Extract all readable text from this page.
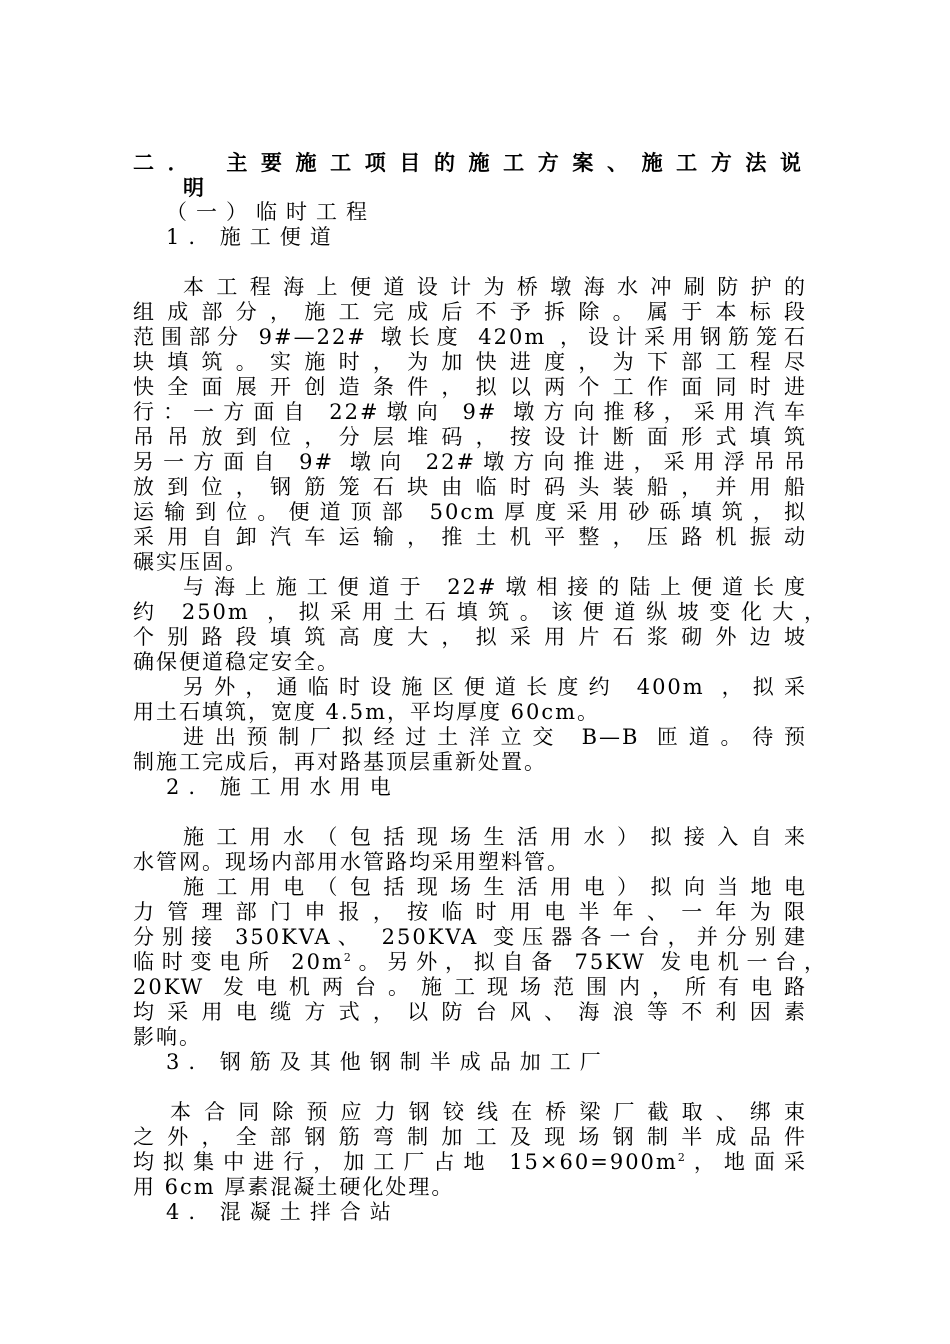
二．　主要施工项目的施工方案、施工方法说
明
（一）临时工程
1. 施工便道
本工程海上便道设计为桥墩海水冲刷防护的
组成部分，施工完成后不予拆除。属于本标段
范围部分 9#—22# 墩长度 420m ，设计采用钢筋笼石
块填筑。实施时，为加快进度，为下部工程尽
快全面展开创造条件，拟以两个工作面同时进
行：一方面自 22#墩向 9# 墩方向推移，采用汽车
吊吊放到位，分层堆码，按设计断面形式填筑
另一方面自 9# 墩向 22#墩方向推进，采用浮吊吊
放到位，钢筋笼石块由临时码头装船，并用船
运输到位。便道顶部 50cm厚度采用砂砾填筑，拟
采用自卸汽车运输，推土机平整，压路机振动
碾实压固。
与海上施工便道于 22#墩相接的陆上便道长度
约 250m ，拟采用土石填筑。该便道纵坡变化大，
个别路段填筑高度大，拟采用片石浆砌外边坡
确保便道稳定安全。
另外，通临时设施区便道长度约 400m ，拟采
用土石填筑，宽度 4.5m，平均厚度 60cm。
进出预制厂拟经过土洋立交 B—B 匝道。待预
制施工完成后，再对路基顶层重新处置。
2. 施工用水用电
施工用水（包括现场生活用水）拟接入自来
水管网。现场内部用水管路均采用塑料管。
施工用电（包括现场生活用电）拟向当地电
力管理部门申报，按临时用电半年、一年为限
分别接 350KVA、 250KVA 变压器各一台，并分别建
临时变电所 $20m^2$。另外，拟自备 75KW 发电机一台，
20KW 发电机两台。施工现场范围内，所有电路
均采用电缆方式，以防台风、海浪等不利因素
影响。
3. 钢筋及其他钢制半成品加工厂
本合同除预应力钢铰线在桥梁厂截取、绑束
之外，全部钢筋弯制加工及现场钢制半成品件
均拟集中进行，加工厂占地 $15\times 60=900m^2$，地面采
用 6cm 厚素混凝土硬化处理。
4. 混凝土拌合站
